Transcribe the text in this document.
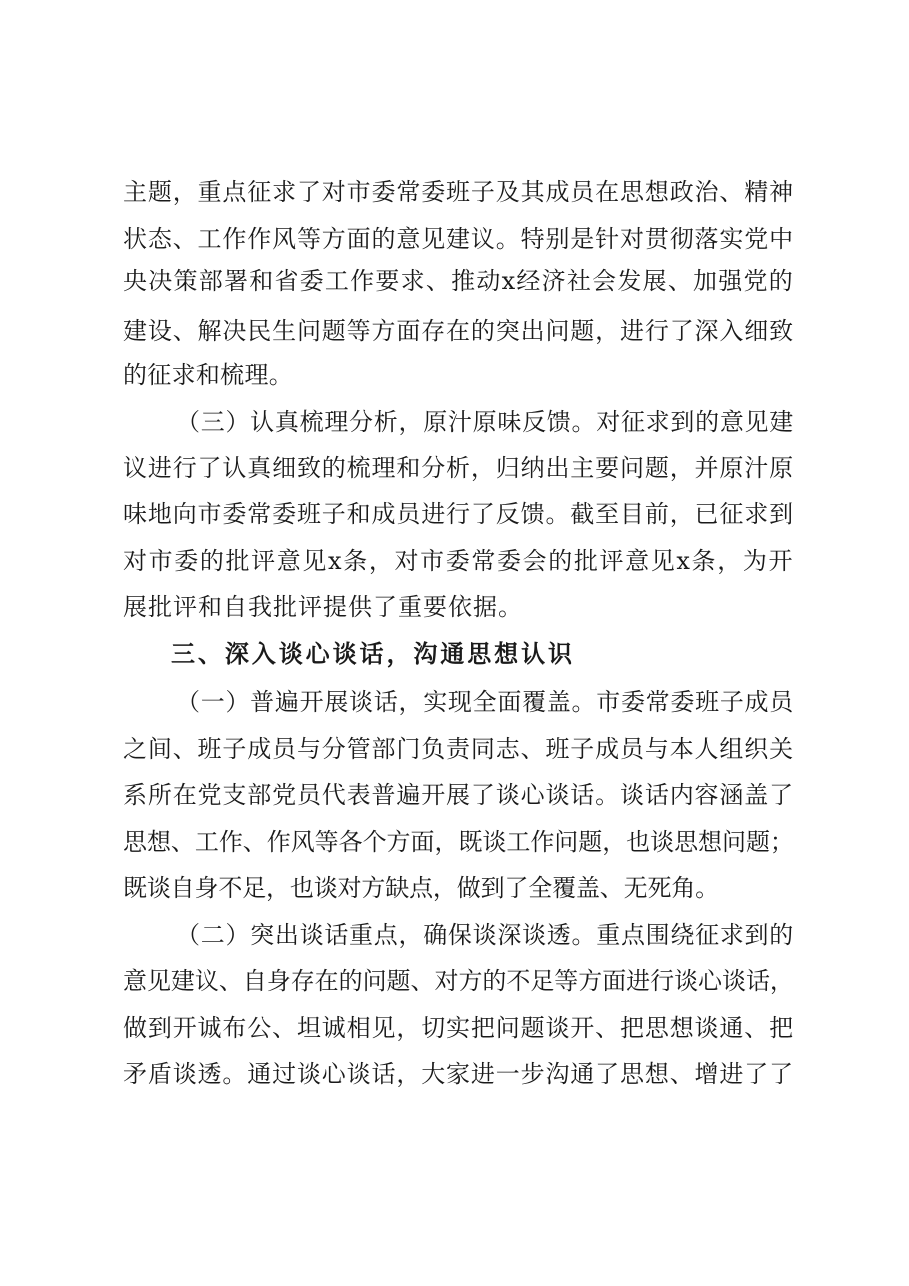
主题，重点征求了对市委常委班子及其成员在思想政治、精神
状态、工作作风等方面的意见建议。特别是针对贯彻落实党中
央决策部署和省委工作要求、推动x经济社会发展、加强党的
建设、解决民生问题等方面存在的突出问题，进行了深入细致
的征求和梳理。
（三）认真梳理分析，原汁原味反馈。对征求到的意见建
议进行了认真细致的梳理和分析，归纳出主要问题，并原汁原
味地向市委常委班子和成员进行了反馈。截至目前，已征求到
对市委的批评意见x条，对市委常委会的批评意见x条，为开
展批评和自我批评提供了重要依据。
三、深入谈心谈话，沟通思想认识
（一）普遍开展谈话，实现全面覆盖。市委常委班子成员
之间、班子成员与分管部门负责同志、班子成员与本人组织关
系所在党支部党员代表普遍开展了谈心谈话。谈话内容涵盖了
思想、工作、作风等各个方面，既谈工作问题，也谈思想问题；
既谈自身不足，也谈对方缺点，做到了全覆盖、无死角。
（二）突出谈话重点，确保谈深谈透。重点围绕征求到的
意见建议、自身存在的问题、对方的不足等方面进行谈心谈话，
做到开诚布公、坦诚相见，切实把问题谈开、把思想谈通、把
矛盾谈透。通过谈心谈话，大家进一步沟通了思想、增进了了
